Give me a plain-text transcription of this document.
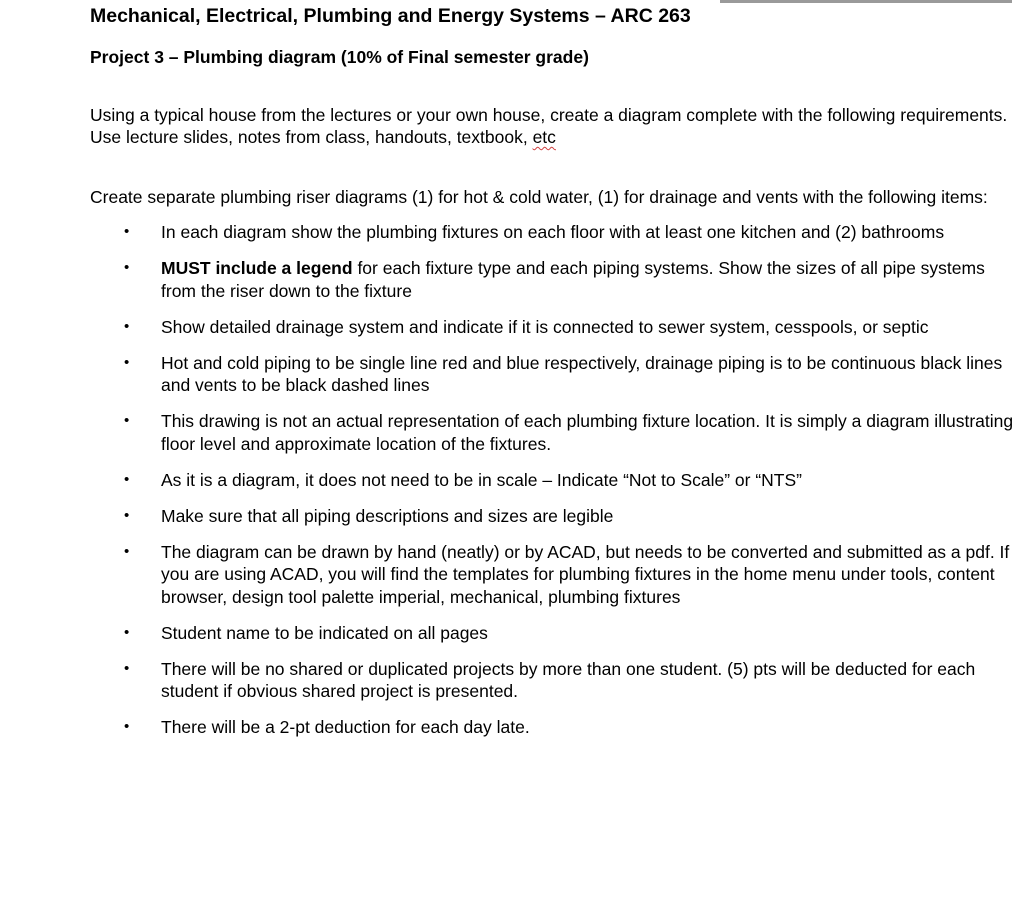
Mechanical, Electrical, Plumbing and Energy Systems – ARC 263

Project 3 – Plumbing diagram (10% of Final semester grade)

Using a typical house from the lectures or your own house, create a diagram complete with the following requirements. Use lecture slides, notes from class, handouts, textbook, etc

Create separate plumbing riser diagrams (1) for hot & cold water, (1) for drainage and vents with the following items:

• In each diagram show the plumbing fixtures on each floor with at least one kitchen and (2) bathrooms
• MUST include a legend for each fixture type and each piping systems. Show the sizes of all pipe systems from the riser down to the fixture
• Show detailed drainage system and indicate if it is connected to sewer system, cesspools, or septic
• Hot and cold piping to be single line red and blue respectively, drainage piping is to be continuous black lines and vents to be black dashed lines
• This drawing is not an actual representation of each plumbing fixture location. It is simply a diagram illustrating floor level and approximate location of the fixtures.
• As it is a diagram, it does not need to be in scale – Indicate “Not to Scale” or “NTS”
• Make sure that all piping descriptions and sizes are legible
• The diagram can be drawn by hand (neatly) or by ACAD, but needs to be converted and submitted as a pdf. If you are using ACAD, you will find the templates for plumbing fixtures in the home menu under tools, content browser, design tool palette imperial, mechanical, plumbing fixtures
• Student name to be indicated on all pages
• There will be no shared or duplicated projects by more than one student. (5) pts will be deducted for each student if obvious shared project is presented.
• There will be a 2-pt deduction for each day late.
